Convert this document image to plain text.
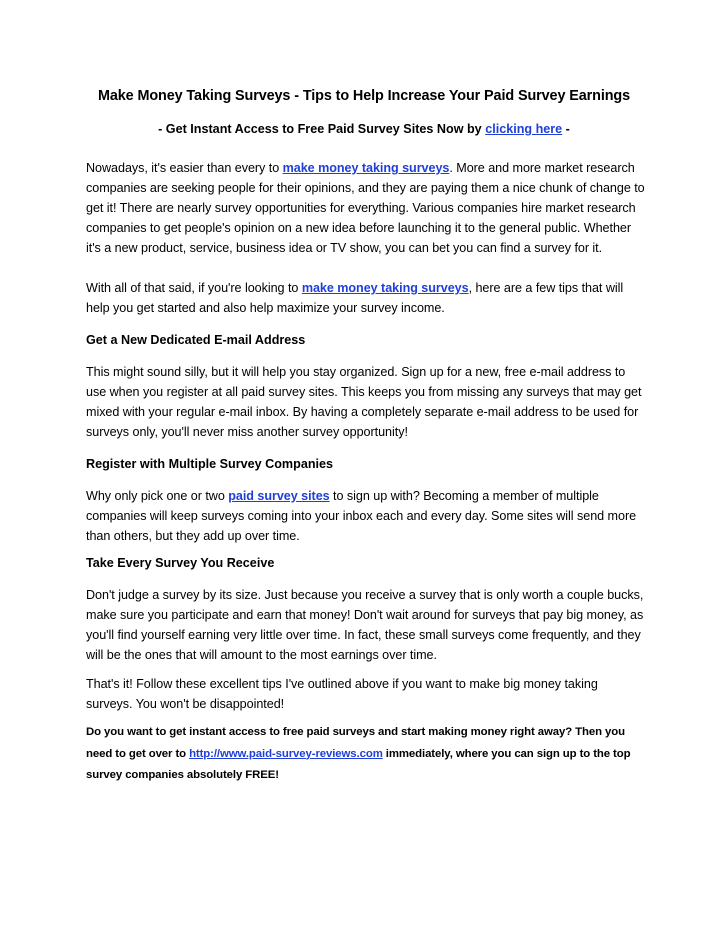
Make Money Taking Surveys - Tips to Help Increase Your Paid Survey Earnings

- Get Instant Access to Free Paid Survey Sites Now by clicking here -

Nowadays, it's easier than every to make money taking surveys. More and more market research companies are seeking people for their opinions, and they are paying them a nice chunk of change to get it! There are nearly survey opportunities for everything. Various companies hire market research companies to get people's opinion on a new idea before launching it to the general public. Whether it's a new product, service, business idea or TV show, you can bet you can find a survey for it.

With all of that said, if you're looking to make money taking surveys, here are a few tips that will help you get started and also help maximize your survey income.

Get a New Dedicated E-mail Address

This might sound silly, but it will help you stay organized. Sign up for a new, free e-mail address to use when you register at all paid survey sites. This keeps you from missing any surveys that may get mixed with your regular e-mail inbox. By having a completely separate e-mail address to be used for surveys only, you'll never miss another survey opportunity!

Register with Multiple Survey Companies

Why only pick one or two paid survey sites to sign up with? Becoming a member of multiple companies will keep surveys coming into your inbox each and every day. Some sites will send more than others, but they add up over time.

Take Every Survey You Receive

Don't judge a survey by its size. Just because you receive a survey that is only worth a couple bucks, make sure you participate and earn that money! Don't wait around for surveys that pay big money, as you'll find yourself earning very little over time. In fact, these small surveys come frequently, and they will be the ones that will amount to the most earnings over time.

That's it! Follow these excellent tips I've outlined above if you want to make big money taking surveys. You won't be disappointed!

Do you want to get instant access to free paid surveys and start making money right away? Then you need to get over to http://www.paid-survey-reviews.com immediately, where you can sign up to the top survey companies absolutely FREE!
